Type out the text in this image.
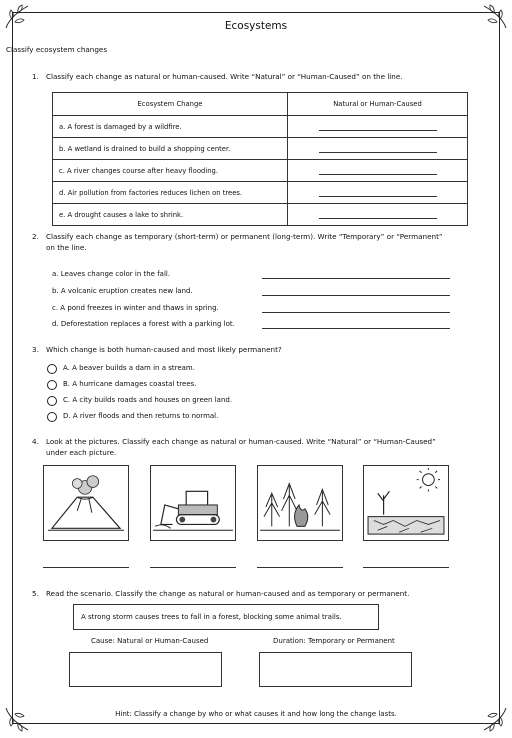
Ecosystems
Classify ecosystem changes
1. Classify each change as natural or human-caused. Write “Natural” or “Human-Caused” on the line.
Ecosystem Change	Natural or Human-Caused
a. A forest is damaged by a wildfire.	

b. A wetland is drained to build a shopping center.	

c. A river changes course after heavy flooding.	

d. Air pollution from factories reduces lichen on trees.	

e. A drought causes a lake to shrink.	
2. Classify each change as temporary (short-term) or permanent (long-term). Write “Temporary” or “Permanent”
on the line.
a. Leaves change color in the fall.
b. A volcanic eruption creates new land.
c. A pond freezes in winter and thaws in spring.
d. Deforestation replaces a forest with a parking lot.
3. Which change is both human-caused and most likely permanent?
A. A beaver builds a dam in a stream.
B. A hurricane damages coastal trees.
C. A city builds roads and houses on green land.
D. A river floods and then returns to normal.
4. Look at the pictures. Classify each change as natural or human-caused. Write “Natural” or “Human-Caused”
under each picture.
5. Read the scenario. Classify the change as natural or human-caused and as temporary or permanent.
A strong storm causes trees to fall in a forest, blocking some animal trails.
Cause: Natural or Human-Caused	Duration: Temporary or Permanent
Hint: Classify a change by who or what causes it and how long the change lasts.
